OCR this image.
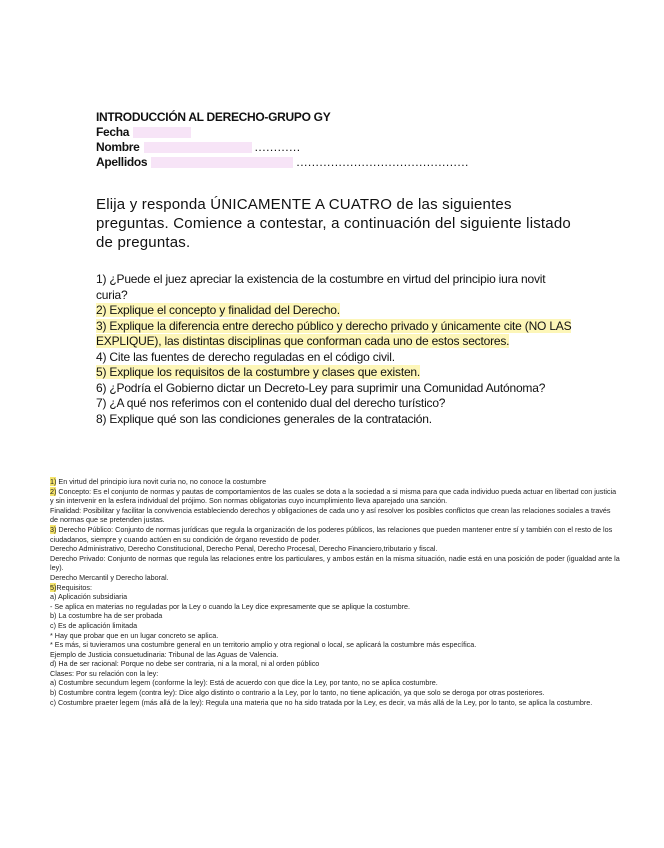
INTRODUCCIÓN AL DERECHO-GRUPO GY
Fecha
Nombre	............
Apellidos	.............................................
Elija y responda ÚNICAMENTE A CUATRO de las siguientes preguntas. Comience a contestar, a continuación del siguiente listado de preguntas.

1) ¿Puede el juez apreciar la existencia de la costumbre en virtud del principio iura novit curia?

2) Explique el concepto y finalidad del Derecho.

3) Explique la diferencia entre derecho público y derecho privado y únicamente cite (NO LAS EXPLIQUE), las distintas disciplinas que conforman cada uno de estos sectores.

4) Cite las fuentes de derecho reguladas en el código civil.

5) Explique los requisitos de la costumbre y clases que existen.

6) ¿Podría el Gobierno dictar un Decreto-Ley para suprimir una Comunidad Autónoma?

7) ¿A qué nos referimos con el contenido dual del derecho turístico?

8) Explique qué son las condiciones generales de la contratación.

1) En virtud del principio iura novit curia no, no conoce la costumbre

2) Concepto: Es el conjunto de normas y pautas de comportamientos de las cuales se dota a la sociedad a si misma para que cada individuo pueda actuar en libertad con justicia y sin intervenir en la esfera individual del prójimo. Son normas obligatorias cuyo incumplimiento lleva aparejado una sanción.

Finalidad: Posibilitar y facilitar la convivencia estableciendo derechos y obligaciones de cada uno y así resolver los posibles conflictos que crean las relaciones sociales a través de normas que se pretenden justas.

3) Derecho Público: Conjunto de normas jurídicas que regula la organización de los poderes públicos, las relaciones que pueden mantener entre sí y también con el resto de los ciudadanos, siempre y cuando actúen en su condición de órgano revestido de poder.

Derecho Administrativo, Derecho Constitucional, Derecho Penal, Derecho Procesal, Derecho Financiero,tributario y fiscal.

Derecho Privado: Conjunto de normas que regula las relaciones entre los particulares, y ambos están en la misma situación, nadie está en una posición de poder (igualdad ante la ley).

Derecho Mercantil y Derecho laboral.

5)Requisitos:

a) Aplicación subsidiaria

- Se aplica en materias no reguladas por la Ley o cuando la Ley dice expresamente que se aplique la costumbre.

b) La costumbre ha de ser probada

c) Es de aplicación limitada

* Hay que probar que en un lugar concreto se aplica.

* Es más, si tuvieramos una costumbre general en un territorio amplio y otra regional o local, se aplicará la costumbre más específica.

Ejemplo de Justicia consuetudinaria: Tribunal de las Aguas de Valencia.

d) Ha de ser racional: Porque no debe ser contraria, ni a la moral, ni al orden público

Clases: Por su relación con la ley:

a) Costumbre secundum legem (conforme la ley): Está de acuerdo con que dice la Ley, por tanto, no se aplica costumbre.

b) Costumbre contra legem (contra ley): Dice algo distinto o contrario a la Ley, por lo tanto, no tiene aplicación, ya que solo se deroga por otras posteriores.

c) Costumbre praeter legem (más allá de la ley): Regula una materia que no ha sido tratada por la Ley, es decir, va más allá de la Ley, por lo tanto, se aplica la costumbre.
